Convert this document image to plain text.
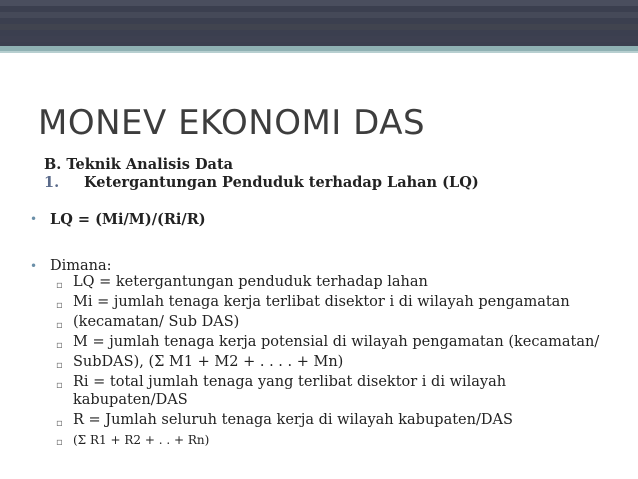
MONEV EKONOMI DAS
B. Teknik Analisis Data
1. Ketergantungan Penduduk terhadap Lahan (LQ)
• LQ = (Mi/M)/(Ri/R)
• Dimana:
▫ LQ = ketergantungan penduduk terhadap lahan
▫ Mi = jumlah tenaga kerja terlibat disektor i di wilayah pengamatan
▫ (kecamatan/ Sub DAS)
▫ M = jumlah tenaga kerja potensial di wilayah pengamatan (kecamatan/
▫ SubDAS), (Σ M1 + M2 + . . . . + Mn)
▫ Ri = total jumlah tenaga yang terlibat disektor i di wilayah
kabupaten/DAS
▫ R = Jumlah seluruh tenaga kerja di wilayah kabupaten/DAS
▫ (Σ R1 + R2 + . . + Rn)
